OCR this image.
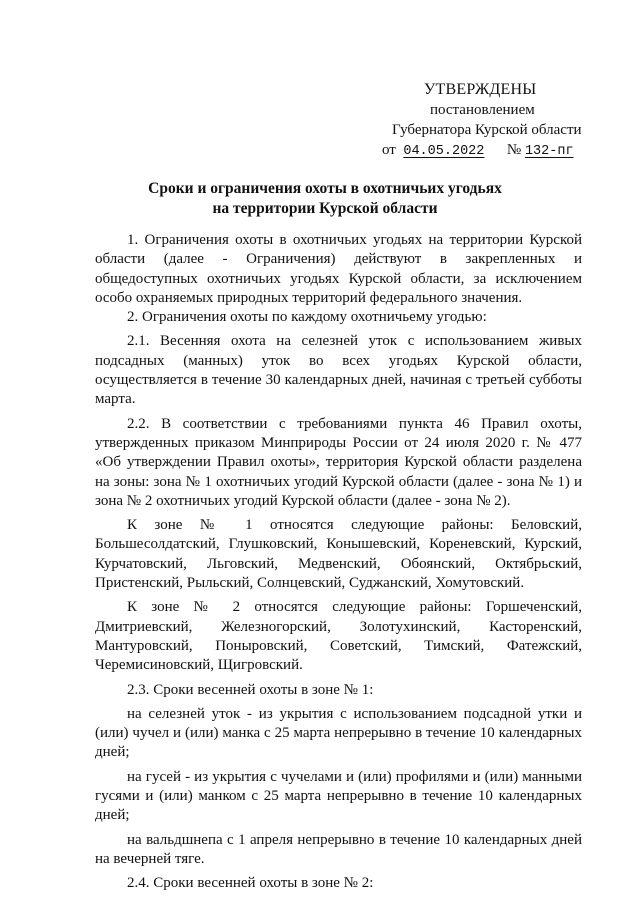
УТВЕРЖДЕНЫ
постановлением
Губернатора Курской области
от 04.05.2022 № 132-пг
Сроки и ограничения охоты в охотничьих угодьях
на территории Курской области

1. Ограничения охоты в охотничьих угодьях на территории Курской области (далее - Ограничения) действуют в закрепленных и общедоступных охотничьих угодьях Курской области, за исключением особо охраняемых природных территорий федерального значения.

2. Ограничения охоты по каждому охотничьему угодью:

2.1. Весенняя охота на селезней уток с использованием живых подсадных (манных) уток во всех угодьях Курской области, осуществляется в течение 30 календарных дней, начиная с третьей субботы марта.

2.2. В соответствии с требованиями пункта 46 Правил охоты, утвержденных приказом Минприроды России от 24 июля 2020 г. № 477 «Об утверждении Правил охоты», территория Курской области разделена на зоны: зона № 1 охотничьих угодий Курской области (далее - зона № 1) и зона № 2 охотничьих угодий Курской области (далее - зона № 2).

К зоне № 1 относятся следующие районы: Беловский, Большесолдатский, Глушковский, Конышевский, Кореневский, Курский, Курчатовский, Льговский, Медвенский, Обоянский, Октябрьский, Пристенский, Рыльский, Солнцевский, Суджанский, Хомутовский.

К зоне № 2 относятся следующие районы: Горшеченский, Дмитриевский, Железногорский, Золотухинский, Касторенский, Мантуровский, Поныровский, Советский, Тимский, Фатежский, Черемисиновский, Щигровский.

2.3. Сроки весенней охоты в зоне № 1:

на селезней уток - из укрытия с использованием подсадной утки и (или) чучел и (или) манка с 25 марта непрерывно в течение 10 календарных дней;

на гусей - из укрытия с чучелами и (или) профилями и (или) манными гусями и (или) манком с 25 марта непрерывно в течение 10 календарных дней;

на вальдшнепа с 1 апреля непрерывно в течение 10 календарных дней на вечерней тяге.

2.4. Сроки весенней охоты в зоне № 2:
